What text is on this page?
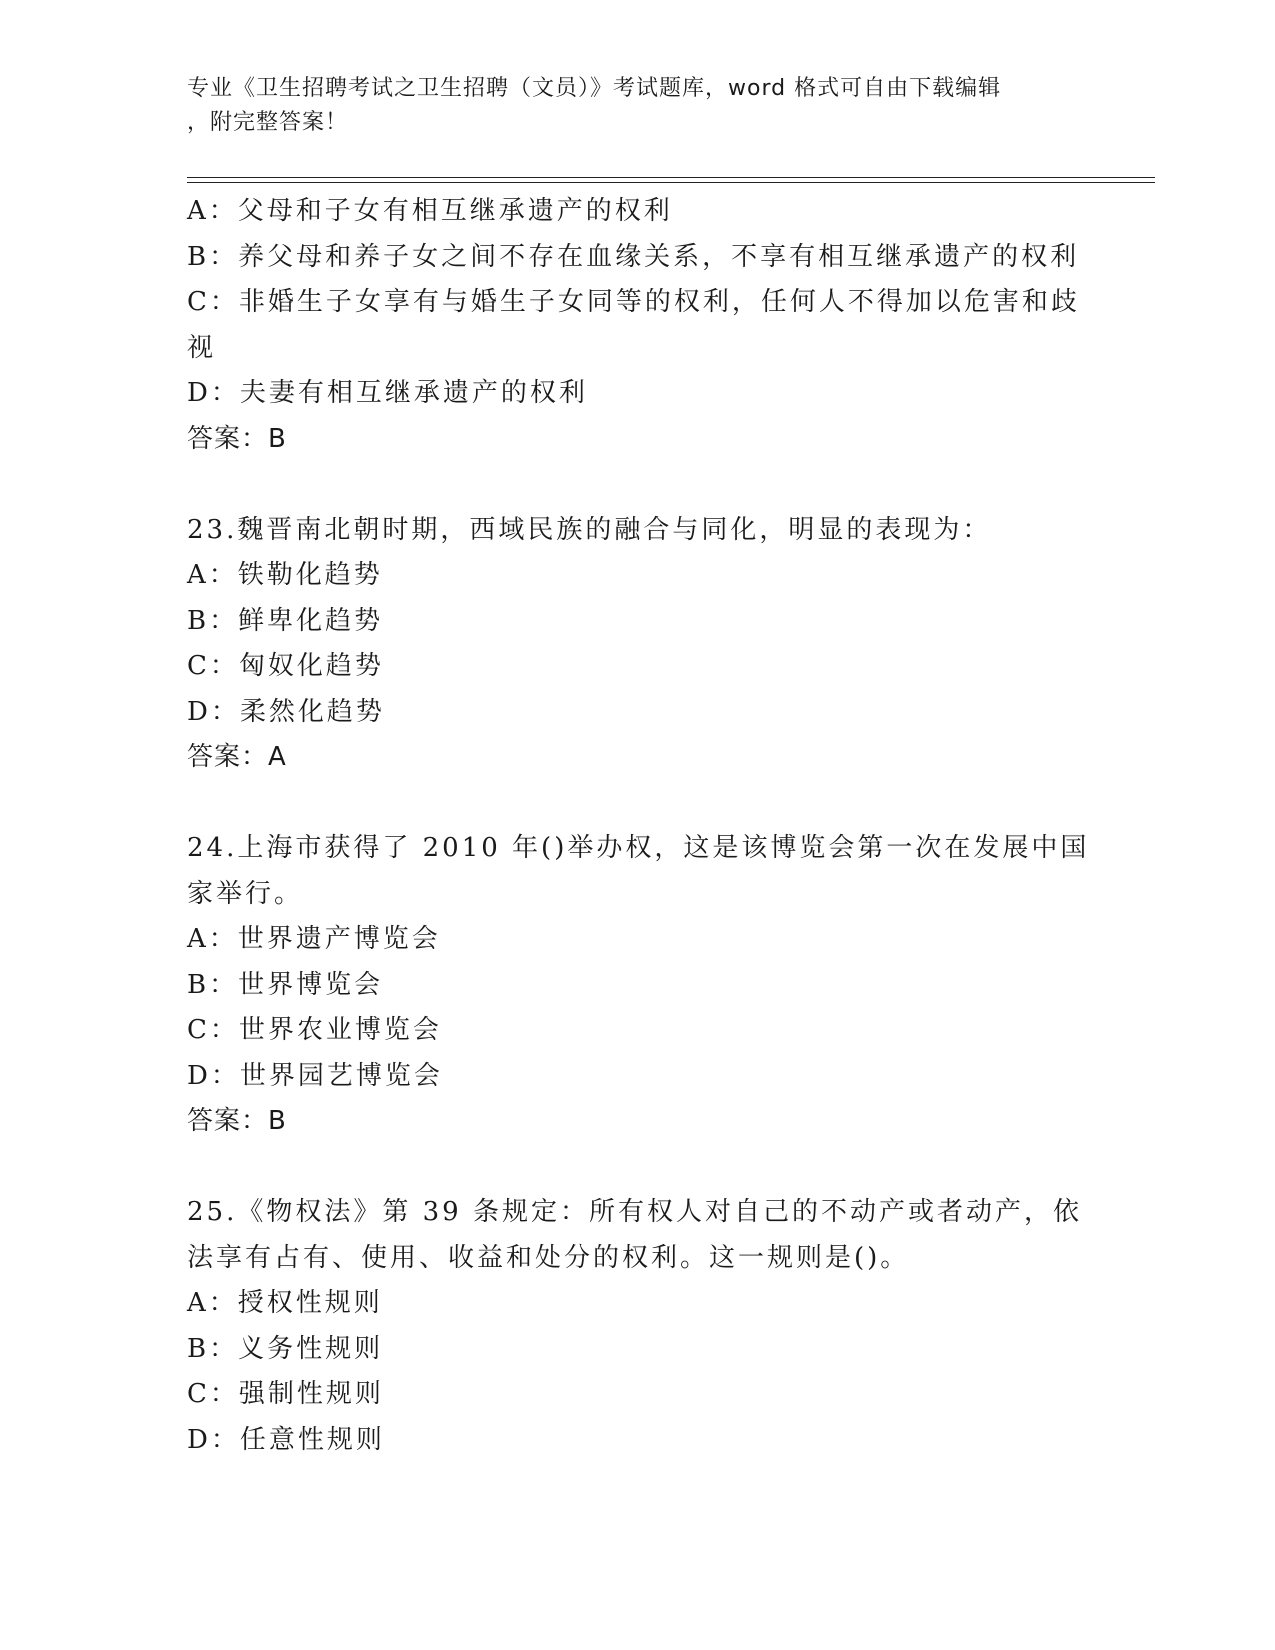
专业《卫生招聘考试之卫生招聘（文员）》考试题库，word 格式可自由下载编辑
，附完整答案！
A：父母和子女有相互继承遗产的权利
B：养父母和养子女之间不存在血缘关系，不享有相互继承遗产的权利
C：非婚生子女享有与婚生子女同等的权利，任何人不得加以危害和歧
视
D：夫妻有相互继承遗产的权利
答案：B
23.魏晋南北朝时期，西域民族的融合与同化，明显的表现为：
A：铁勒化趋势
B：鲜卑化趋势
C：匈奴化趋势
D：柔然化趋势
答案：A
24.上海市获得了 2010 年()举办权，这是该博览会第一次在发展中国
家举行。
A：世界遗产博览会
B：世界博览会
C：世界农业博览会
D：世界园艺博览会
答案：B
25.《物权法》第 39 条规定：所有权人对自己的不动产或者动产，依
法享有占有、使用、收益和处分的权利。这一规则是()。
A：授权性规则
B：义务性规则
C：强制性规则
D：任意性规则
